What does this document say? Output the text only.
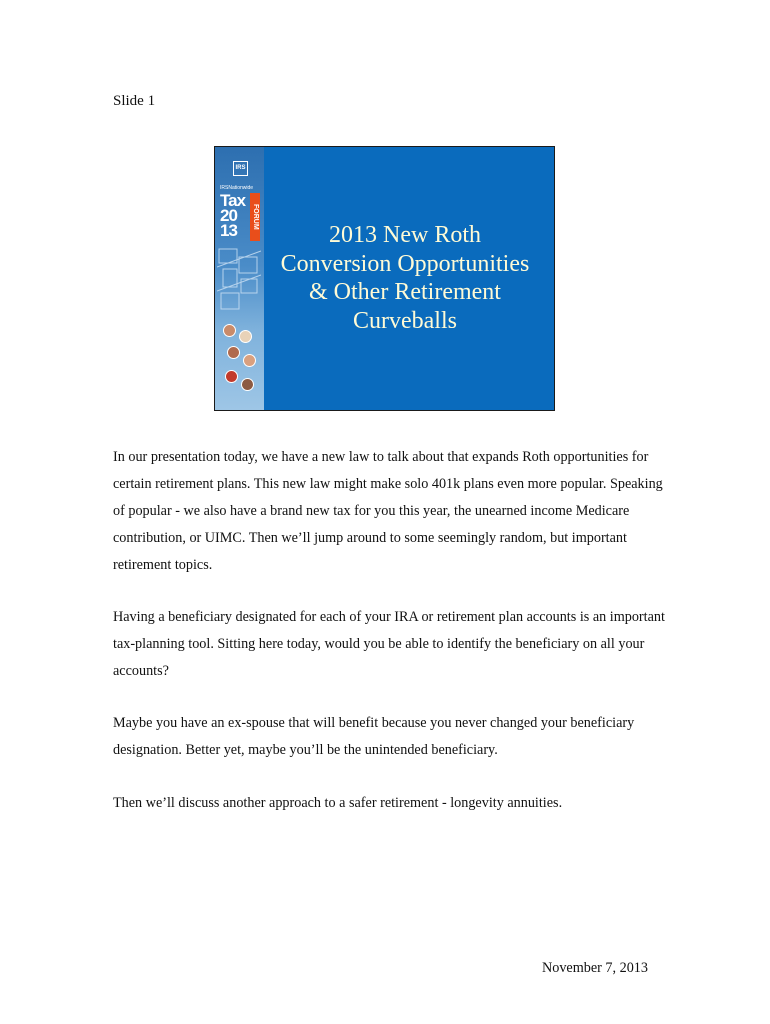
Slide 1
IRS
IRSNationwide
Tax
20
13
FORUM
2013 New Roth Conversion Opportunities & Other Retirement Curveballs

In our presentation today, we have a new law to talk about that expands Roth opportunities for certain retirement plans. This new law might make solo 401k plans even more popular. Speaking of popular - we also have a brand new tax for you this year, the unearned income Medicare contribution, or UIMC. Then we’ll jump around to some seemingly random, but important retirement topics.

Having a beneficiary designated for each of your IRA or retirement plan accounts is an important tax-planning tool. Sitting here today, would you be able to identify the beneficiary on all your accounts?

Maybe you have an ex-spouse that will benefit because you never changed your beneficiary designation. Better yet, maybe you’ll be the unintended beneficiary.

Then we’ll discuss another approach to a safer retirement - longevity annuities.

November 7, 2013
